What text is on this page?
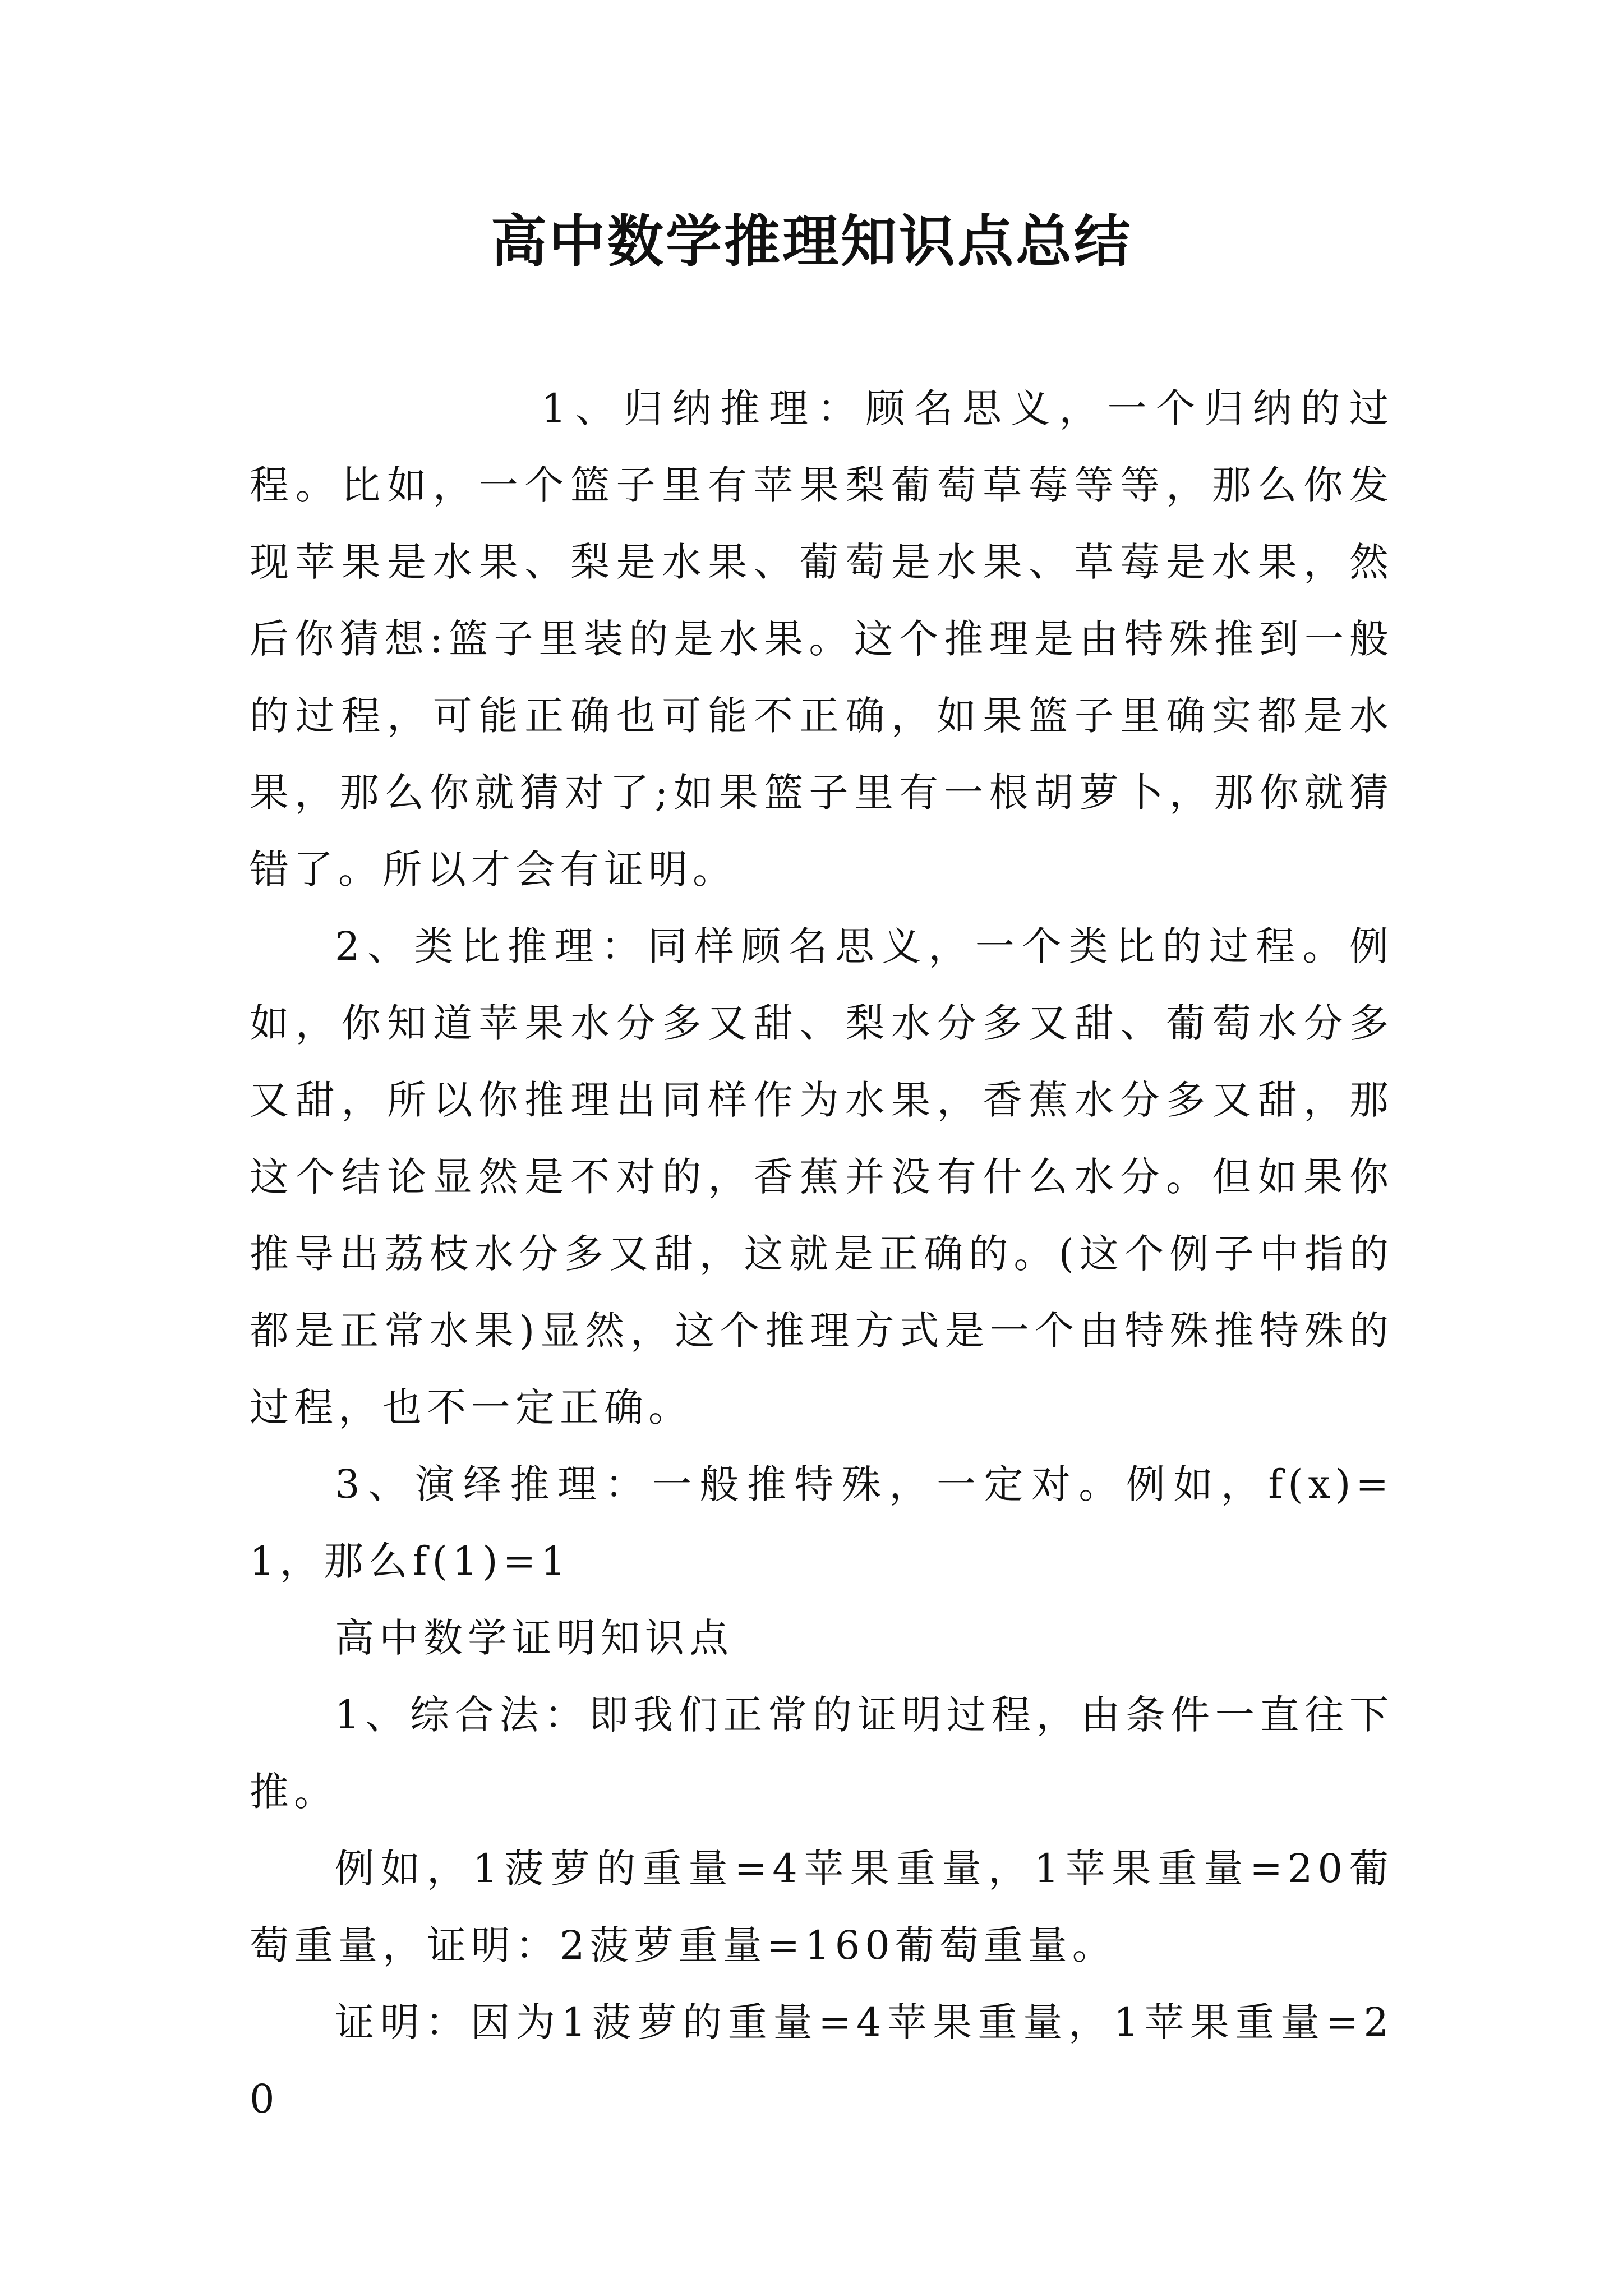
高中数学推理知识点总结

1、归纳推理：顾名思义，一个归纳的过程。比如，一个篮子里有苹果梨葡萄草莓等等，那么你发现苹果是水果、梨是水果、葡萄是水果、草莓是水果，然后你猜想:篮子里装的是水果。这个推理是由特殊推到一般的过程，可能正确也可能不正确，如果篮子里确实都是水果，那么你就猜对了;如果篮子里有一根胡萝卜，那你就猜错了。所以才会有证明。

2、类比推理：同样顾名思义，一个类比的过程。例如，你知道苹果水分多又甜、梨水分多又甜、葡萄水分多又甜，所以你推理出同样作为水果，香蕉水分多又甜，那这个结论显然是不对的，香蕉并没有什么水分。但如果你推导出荔枝水分多又甜，这就是正确的。(这个例子中指的都是正常水果)显然，这个推理方式是一个由特殊推特殊的过程，也不一定正确。

3、演绎推理：一般推特殊，一定对。例如，f(x)=1，那么f(1)=1

高中数学证明知识点

1、综合法：即我们正常的证明过程，由条件一直往下推。

例如，1菠萝的重量=4苹果重量，1苹果重量=20葡萄重量，证明：2菠萝重量=160葡萄重量。

证明：因为1菠萝的重量=4苹果重量，1苹果重量=20
